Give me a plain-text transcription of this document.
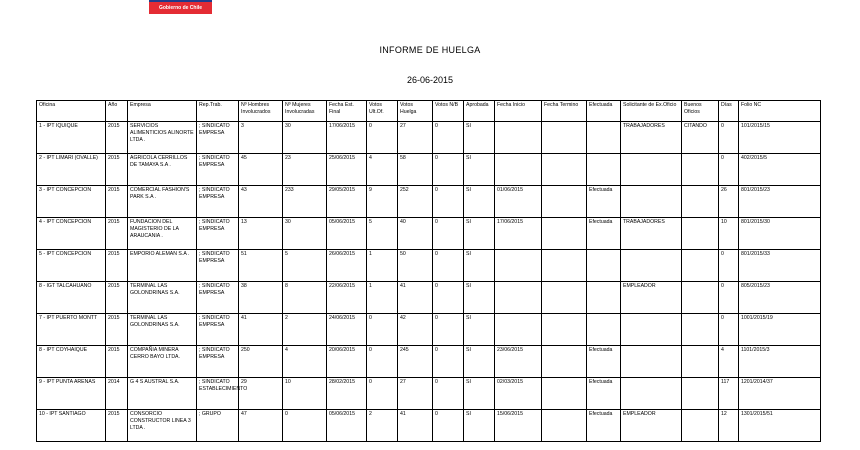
Gobierno de Chile
INFORME DE HUELGA
26-06-2015
Oficina	Año	Empresa	Rep.Trab.	Nº Hombres Involucrados	Nº Mujeres Involucradas	Fecha Est. Final	Votos Ult.Of.	Votos Huelga	Votos N/B	Aprobada	Fecha Inicio	Fecha Termino	Efectuada	Solicitante de Ex.Oficio	Buenos Oficios	Días	Folio NC
1 - IPT IQUIQUE	2015	SERVICIOS ALIMENTICIOS ALINORTE LTDA .	; SINDICATO EMPRESA	3	30	17/06/2015	0	27	0	SI				TRABAJADORES	CITANDO	0	101/2015/15
2 - IPT LIMARI (OVALLE)	2015	AGRICOLA CERRILLOS DE TAMAYA S.A .	; SINDICATO EMPRESA	45	23	25/06/2015	4	58	0	SI						0	402/2015/5
3 - IPT CONCEPCION	2015	COMERCIAL FASHION'S PARK S.A .	; SINDICATO EMPRESA	43	233	29/05/2015	9	252	0	SI	01/06/2015		Efectuada			26	801/2015/23
4 - IPT CONCEPCION	2015	FUNDACION DEL MAGISTERIO DE LA ARAUCANIA .	; SINDICATO EMPRESA	13	30	05/06/2015	5	40	0	SI	17/06/2015		Efectuada	TRABAJADORES		10	801/2015/30
5 - IPT CONCEPCION	2015	EMPORIO ALEMAN S.A .	; SINDICATO EMPRESA	51	5	26/06/2015	1	50	0	SI						0	801/2015/33
8 - IGT TALCAHUANO	2015	TERMINAL LAS GOLONDRINAS S.A.	; SINDICATO EMPRESA	38	8	22/06/2015	1	41	0	SI				EMPLEADOR		0	805/2015/23
7 - IPT PUERTO MONTT	2015	TERMINAL LAS GOLONDRINAS S.A.	; SINDICATO EMPRESA	41	2	24/06/2015	0	42	0	SI						0	1001/2015/19
8 - IPT COYHAIQUE	2015	COMPAÑIA MINERA CERRO BAYO LTDA.	; SINDICATO EMPRESA	250	4	20/06/2015	0	245	0	SI	23/06/2015		Efectuada			4	1101/2015/3
9 - IPT PUNTA ARENAS	2014	G 4 S AUSTRAL S.A.	; SINDICATO ESTABLECIMIENTO	29	10	28/02/2015	0	27	0	SI	02/03/2015		Efectuada			117	1201/2014/37
10 - IPT SANTIAGO	2015	CONSORCIO CONSTRUCTOR LINEA 3 LTDA .	; GRUPO	47	0	05/06/2015	2	41	0	SI	15/06/2015		Efectuada	EMPLEADOR		12	1301/2015/51
